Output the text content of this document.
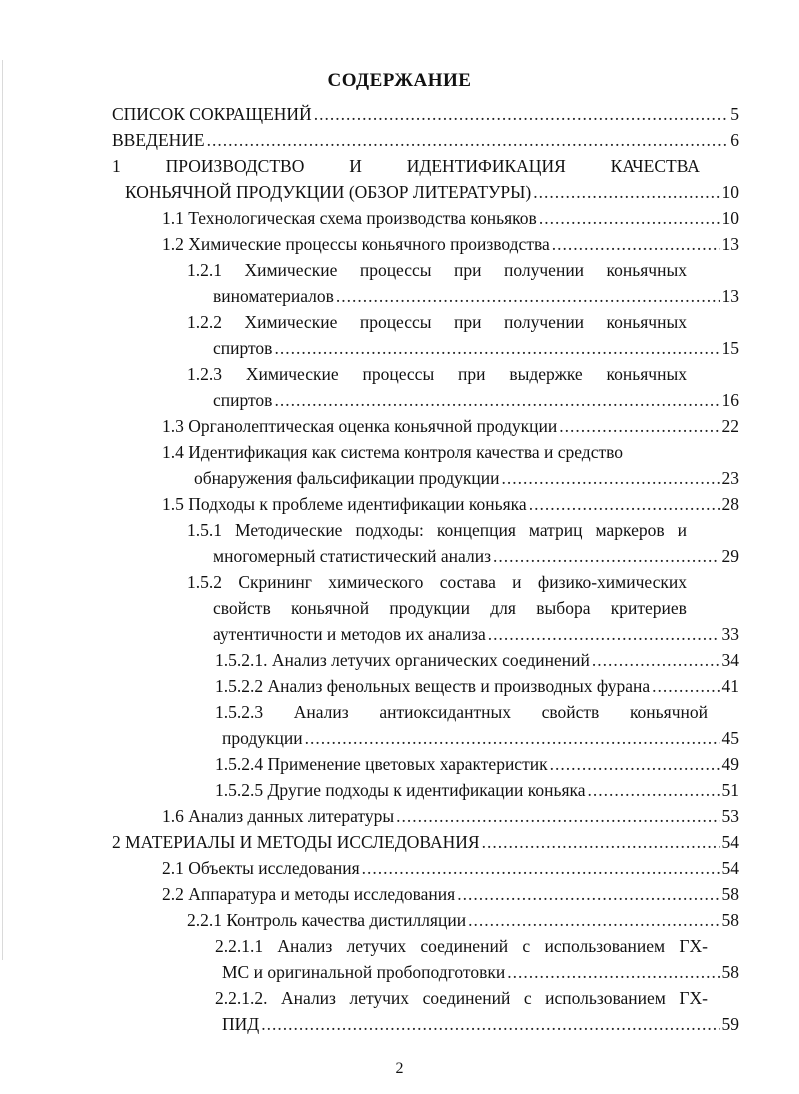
СОДЕРЖАНИЕ
СПИСОК СОКРАЩЕНИЙ .....	5
ВВЕДЕНИЕ .....	6
1	ПРОИЗВОДСТВО	И	ИДЕНТИФИКАЦИЯ	КАЧЕСТВА
КОНЬЯЧНОЙ ПРОДУКЦИИ (ОБЗОР ЛИТЕРАТУРЫ) .....	10
1.1 Технологическая схема производства коньяков .....	10
1.2 Химические процессы коньячного производства .....	13
1.2.1 Химические процессы при получении коньячных
виноматериалов .....	13
1.2.2 Химические процессы при получении коньячных
спиртов .....	15
1.2.3 Химические процессы при выдержке коньячных
спиртов .....	16
1.3 Органолептическая оценка коньячной продукции .....	22
1.4 Идентификация как система контроля качества и средство
обнаружения фальсификации продукции .....	23
1.5 Подходы к проблеме идентификации коньяка .....	28
1.5.1 Методические подходы: концепция матриц маркеров и
многомерный статистический анализ .....	29
1.5.2 Скрининг химического состава и физико-химических
свойств коньячной продукции для выбора критериев
аутентичности и методов их анализа .....	33
1.5.2.1. Анализ летучих органических соединений .....	34
1.5.2.2 Анализ фенольных веществ и производных фурана .....	41
1.5.2.3 Анализ антиоксидантных свойств коньячной
продукции .....	45
1.5.2.4 Применение цветовых характеристик .....	49
1.5.2.5 Другие подходы к идентификации коньяка .....	51
1.6 Анализ данных литературы .....	53
2 МАТЕРИАЛЫ И МЕТОДЫ ИССЛЕДОВАНИЯ .....	54
2.1 Объекты исследования .....	54
2.2 Аппаратура и методы исследования .....	58
2.2.1 Контроль качества дистилляции .....	58
2.2.1.1 Анализ летучих соединений с использованием ГХ-
МС и оригинальной пробоподготовки .....	58
2.2.1.2. Анализ летучих соединений с использованием ГХ-
ПИД .....	59
2
